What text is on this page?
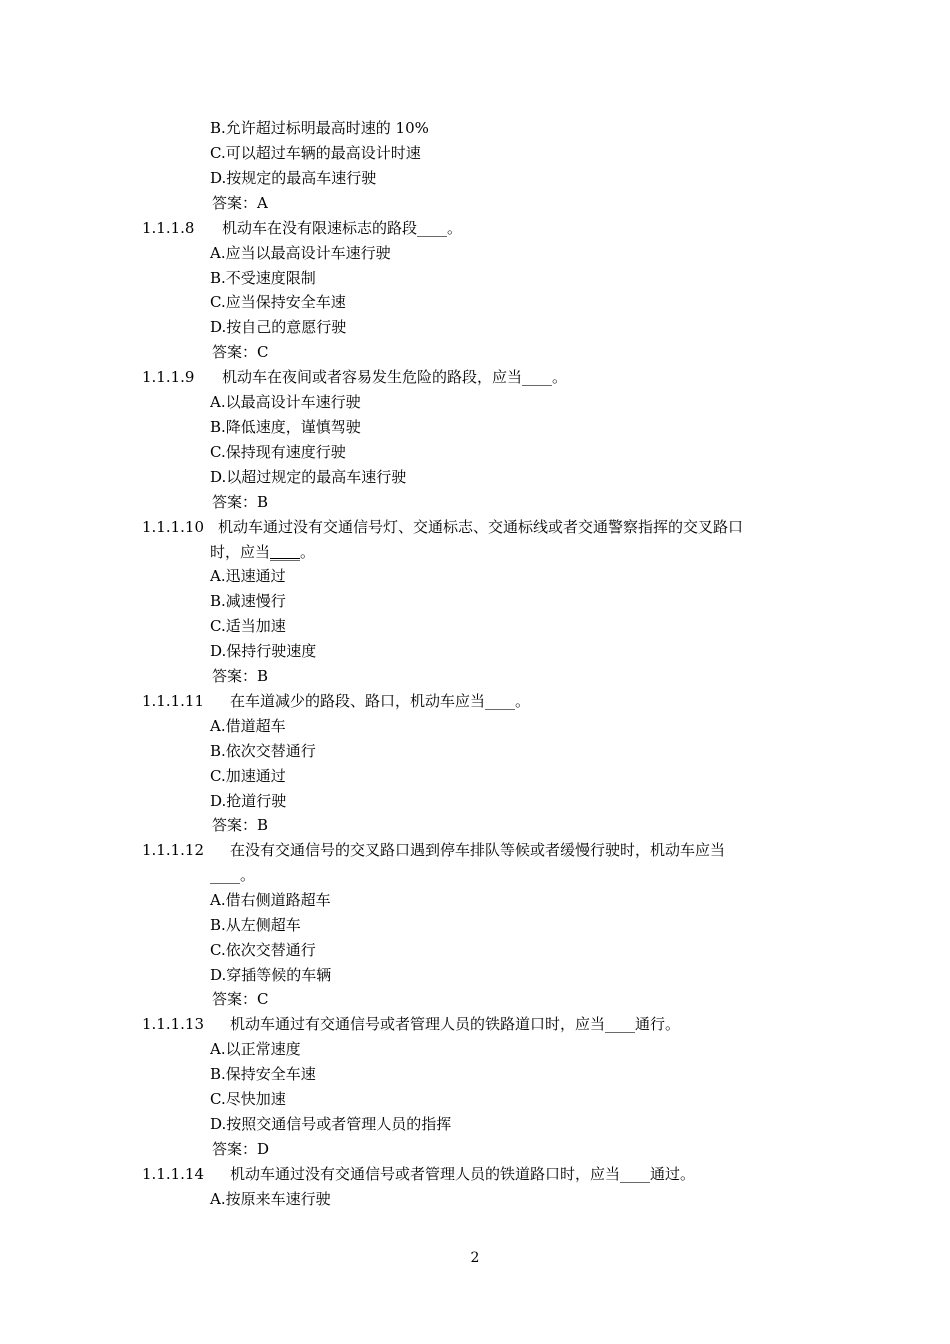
B.允许超过标明最高时速的 10%
C.可以超过车辆的最高设计时速
D.按规定的最高车速行驶
答案：A
1.1.1.8 机动车在没有限速标志的路段____。
A.应当以最高设计车速行驶
B.不受速度限制
C.应当保持安全车速
D.按自己的意愿行驶
答案：C
1.1.1.9 机动车在夜间或者容易发生危险的路段，应当____。
A.以最高设计车速行驶
B.降低速度，谨慎驾驶
C.保持现有速度行驶
D.以超过规定的最高车速行驶
答案：B
1.1.1.10 机动车通过没有交通信号灯、交通标志、交通标线或者交通警察指挥的交叉路口
时，应当____。
A.迅速通过
B.减速慢行
C.适当加速
D.保持行驶速度
答案：B
1.1.1.11 在车道减少的路段、路口，机动车应当____。
A.借道超车
B.依次交替通行
C.加速通过
D.抢道行驶
答案：B
1.1.1.12 在没有交通信号的交叉路口遇到停车排队等候或者缓慢行驶时，机动车应当
____。
A.借右侧道路超车
B.从左侧超车
C.依次交替通行
D.穿插等候的车辆
答案：C
1.1.1.13 机动车通过有交通信号或者管理人员的铁路道口时，应当____通行。
A.以正常速度
B.保持安全车速
C.尽快加速
D.按照交通信号或者管理人员的指挥
答案：D
1.1.1.14 机动车通过没有交通信号或者管理人员的铁道路口时，应当____通过。
A.按原来车速行驶
2
